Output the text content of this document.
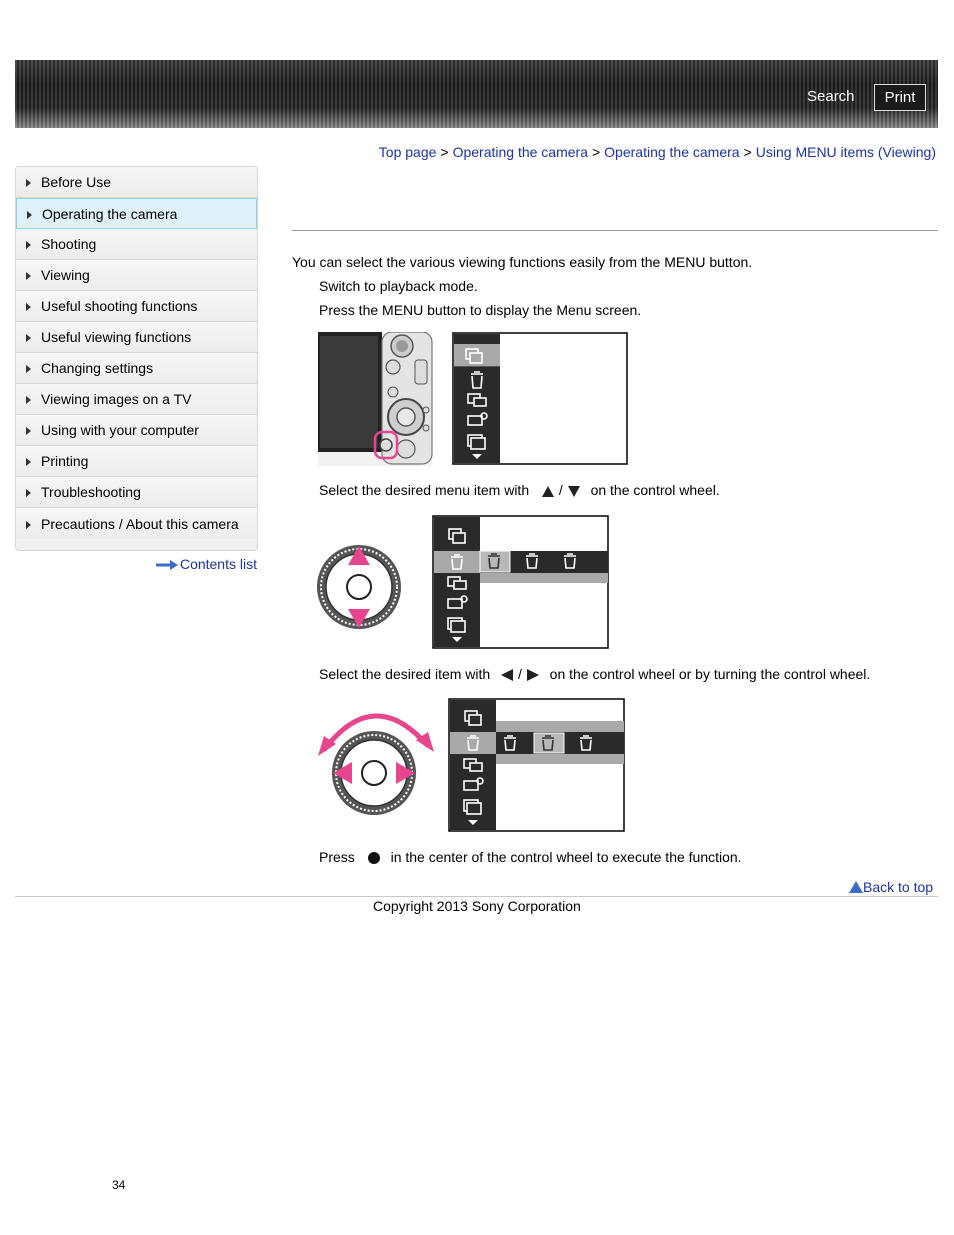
Search	Print
Top page > Operating the camera > Operating the camera > Using MENU items (Viewing)
Before Use
Operating the camera
Shooting
Viewing
Useful shooting functions
Useful viewing functions
Changing settings
Viewing images on a TV
Using with your computer
Printing
Troubleshooting
Precautions / About this camera
Contents list
You can select the various viewing functions easily from the MENU button.
Switch to playback mode.
Press the MENU button to display the Menu screen.
Select the desired menu item with / on the control wheel.
Select the desired item with / on the control wheel or by turning the control wheel.
Press	in the center of the control wheel to execute the function.
Back to top
Copyright 2013 Sony Corporation
34
